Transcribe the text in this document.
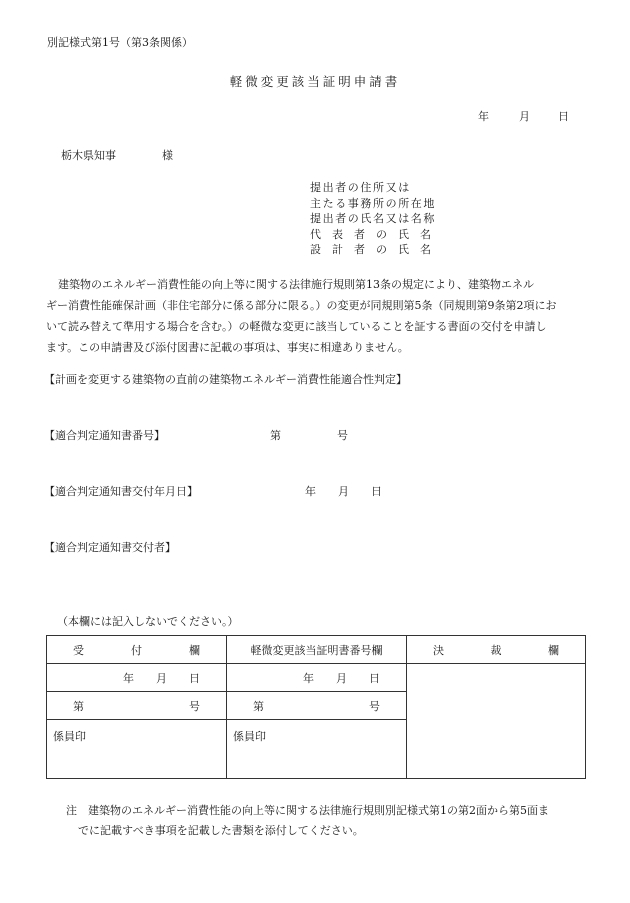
別記様式第1号（第3条関係）
軽微変更該当証明申請書
年	月	日
栃木県知事	様
提出者の住所又は
主たる事務所の所在地
提出者の氏名又は名称
代表者の氏名
設計者の氏名
建築物のエネルギー消費性能の向上等に関する法律施行規則第13条の規定により、建築物エネル
ギー消費性能確保計画（非住宅部分に係る部分に限る。）の変更が同規則第5条（同規則第9条第2項にお
いて読み替えて準用する場合を含む。）の軽微な変更に該当していることを証する書面の交付を申請し
ます。この申請書及び添付図書に記載の事項は、事実に相違ありません。
【計画を変更する建築物の直前の建築物エネルギー消費性能適合性判定】
【適合判定通知書番号】	第	号
【適合判定通知書交付年月日】	年 月 日
【適合判定通知書交付者】
（本欄には記入しないでください。）
受 付 欄	軽微変更該当証明書番号欄	決 裁 欄

年 月 日	年 月 日	

第 号	第 号	

係員印	係員印	
注　建築物のエネルギー消費性能の向上等に関する法律施行規則別記様式第1の第2面から第5面ま
でに記載すべき事項を記載した書類を添付してください。
